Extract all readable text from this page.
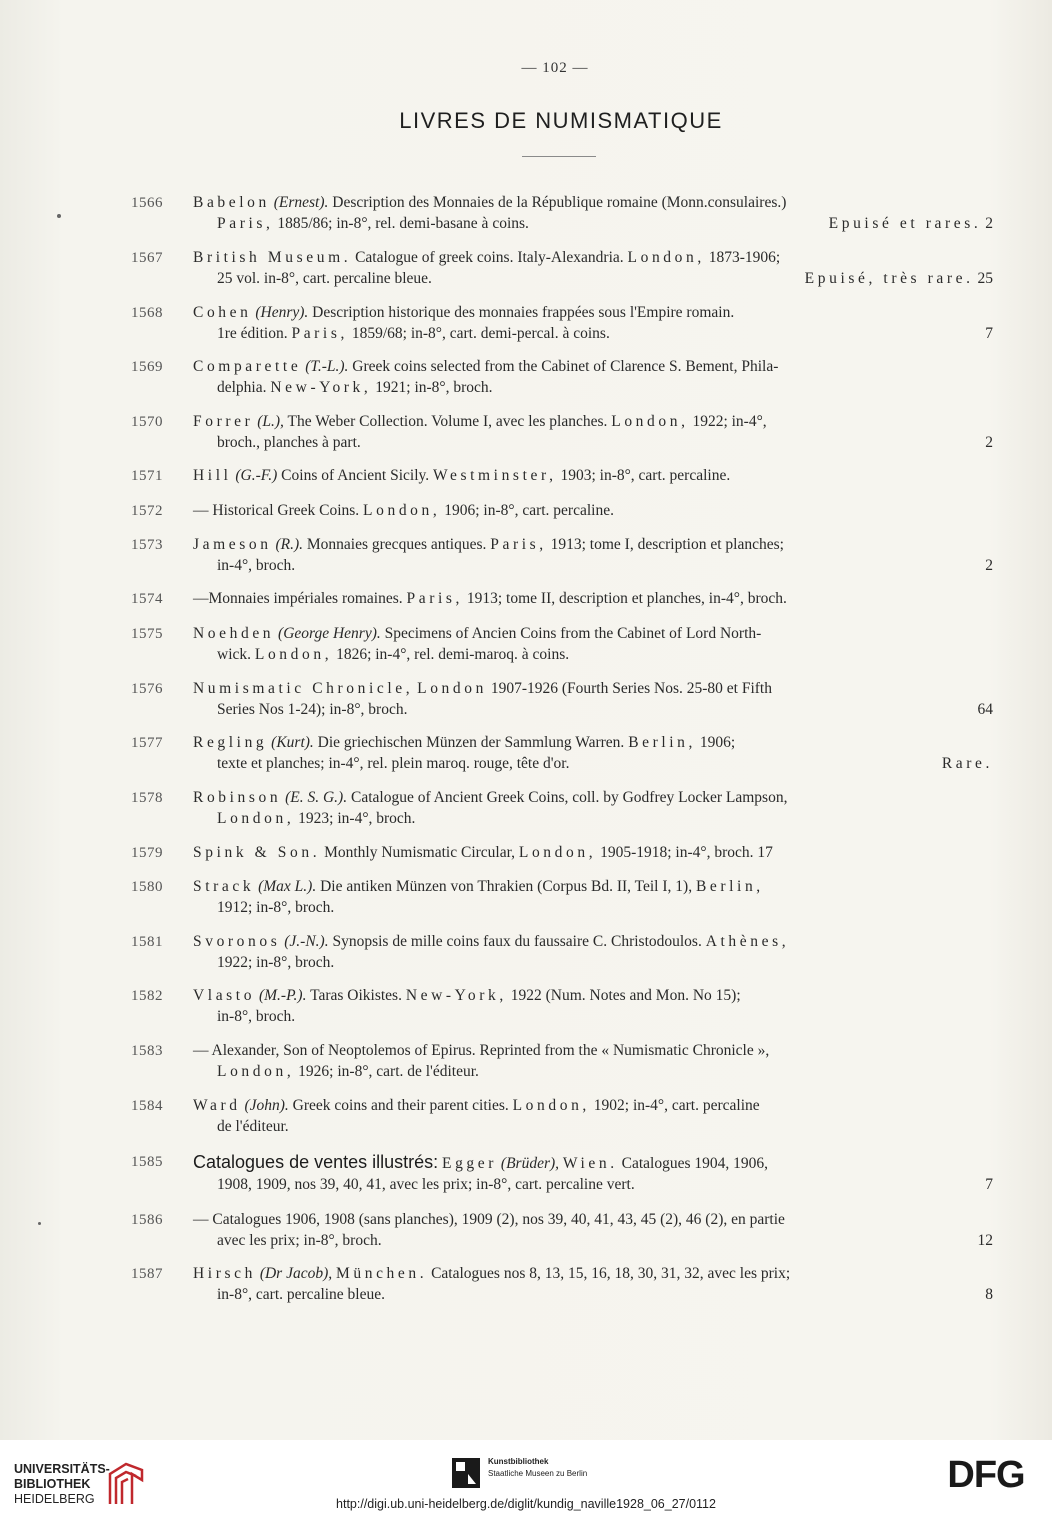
— 102 —
LIVRES DE NUMISMATIQUE
1566	Babelon (Ernest). Description des Monnaies de la République romaine (Monn.consulaires.)
Paris, 1885/86; in-8°, rel. demi-basane à coins.	Epuisé et rares. 2
1567	British Museum. Catalogue of greek coins. Italy-Alexandria. London, 1873-1906;
25 vol. in-8°, cart. percaline bleue.	Epuisé, très rare. 25
1568	Cohen (Henry). Description historique des monnaies frappées sous l'Empire romain.
1re édition. Paris, 1859/68; in-8°, cart. demi-percal. à coins.	7
1569	Comparette (T.-L.). Greek coins selected from the Cabinet of Clarence S. Bement, Phila-
delphia. New-York, 1921; in-8°, broch.
1570	Forrer (L.), The Weber Collection. Volume I, avec les planches. London, 1922; in-4°,
broch., planches à part.	2
1571	Hill (G.-F.) Coins of Ancient Sicily. Westminster, 1903; in-8°, cart. percaline.
1572	— Historical Greek Coins. London, 1906; in-8°, cart. percaline.
1573	Jameson (R.). Monnaies grecques antiques. Paris, 1913; tome I, description et planches;
in-4°, broch.	2
1574	—Monnaies impériales romaines. Paris, 1913; tome II, description et planches, in-4°, broch.
1575	Noehden (George Henry). Specimens of Ancien Coins from the Cabinet of Lord North-
wick. London, 1826; in-4°, rel. demi-maroq. à coins.
1576	Numismatic Chronicle, London 1907-1926 (Fourth Series Nos. 25-80 et Fifth
Series Nos 1-24); in-8°, broch.	64
1577	Regling (Kurt). Die griechischen Münzen der Sammlung Warren. Berlin, 1906;
texte et planches; in-4°, rel. plein maroq. rouge, tête d'or.	Rare.
1578	Robinson (E. S. G.). Catalogue of Ancient Greek Coins, coll. by Godfrey Locker Lampson,
London, 1923; in-4°, broch.
1579	Spink & Son. Monthly Numismatic Circular, London, 1905-1918; in-4°, broch. 17
1580	Strack (Max L.). Die antiken Münzen von Thrakien (Corpus Bd. II, Teil I, 1), Berlin,
1912; in-8°, broch.
1581	Svoronos (J.-N.). Synopsis de mille coins faux du faussaire C. Christodoulos. Athènes,
1922; in-8°, broch.
1582	Vlasto (M.-P.). Taras Oikistes. New-York, 1922 (Num. Notes and Mon. No 15);
in-8°, broch.
1583	— Alexander, Son of Neoptolemos of Epirus. Reprinted from the « Numismatic Chronicle »,
London, 1926; in-8°, cart. de l'éditeur.
1584	Ward (John). Greek coins and their parent cities. London, 1902; in-4°, cart. percaline
de l'éditeur.
1585	Catalogues de ventes illustrés: Egger (Brüder), Wien. Catalogues 1904, 1906,
1908, 1909, nos 39, 40, 41, avec les prix; in-8°, cart. percaline vert.	7
1586	— Catalogues 1906, 1908 (sans planches), 1909 (2), nos 39, 40, 41, 43, 45 (2), 46 (2), en partie
avec les prix; in-8°, broch.	12
1587	Hirsch (Dr Jacob), München. Catalogues nos 8, 13, 15, 16, 18, 30, 31, 32, avec les prix;
in-8°, cart. percaline bleue.	8
UNIVERSITÄTS-
BIBLIOTHEK
HEIDELBERG
Kunstbibliothek
Staatliche Museen zu Berlin	DFG
http://digi.ub.uni-heidelberg.de/diglit/kundig_naville1928_06_27/0112
